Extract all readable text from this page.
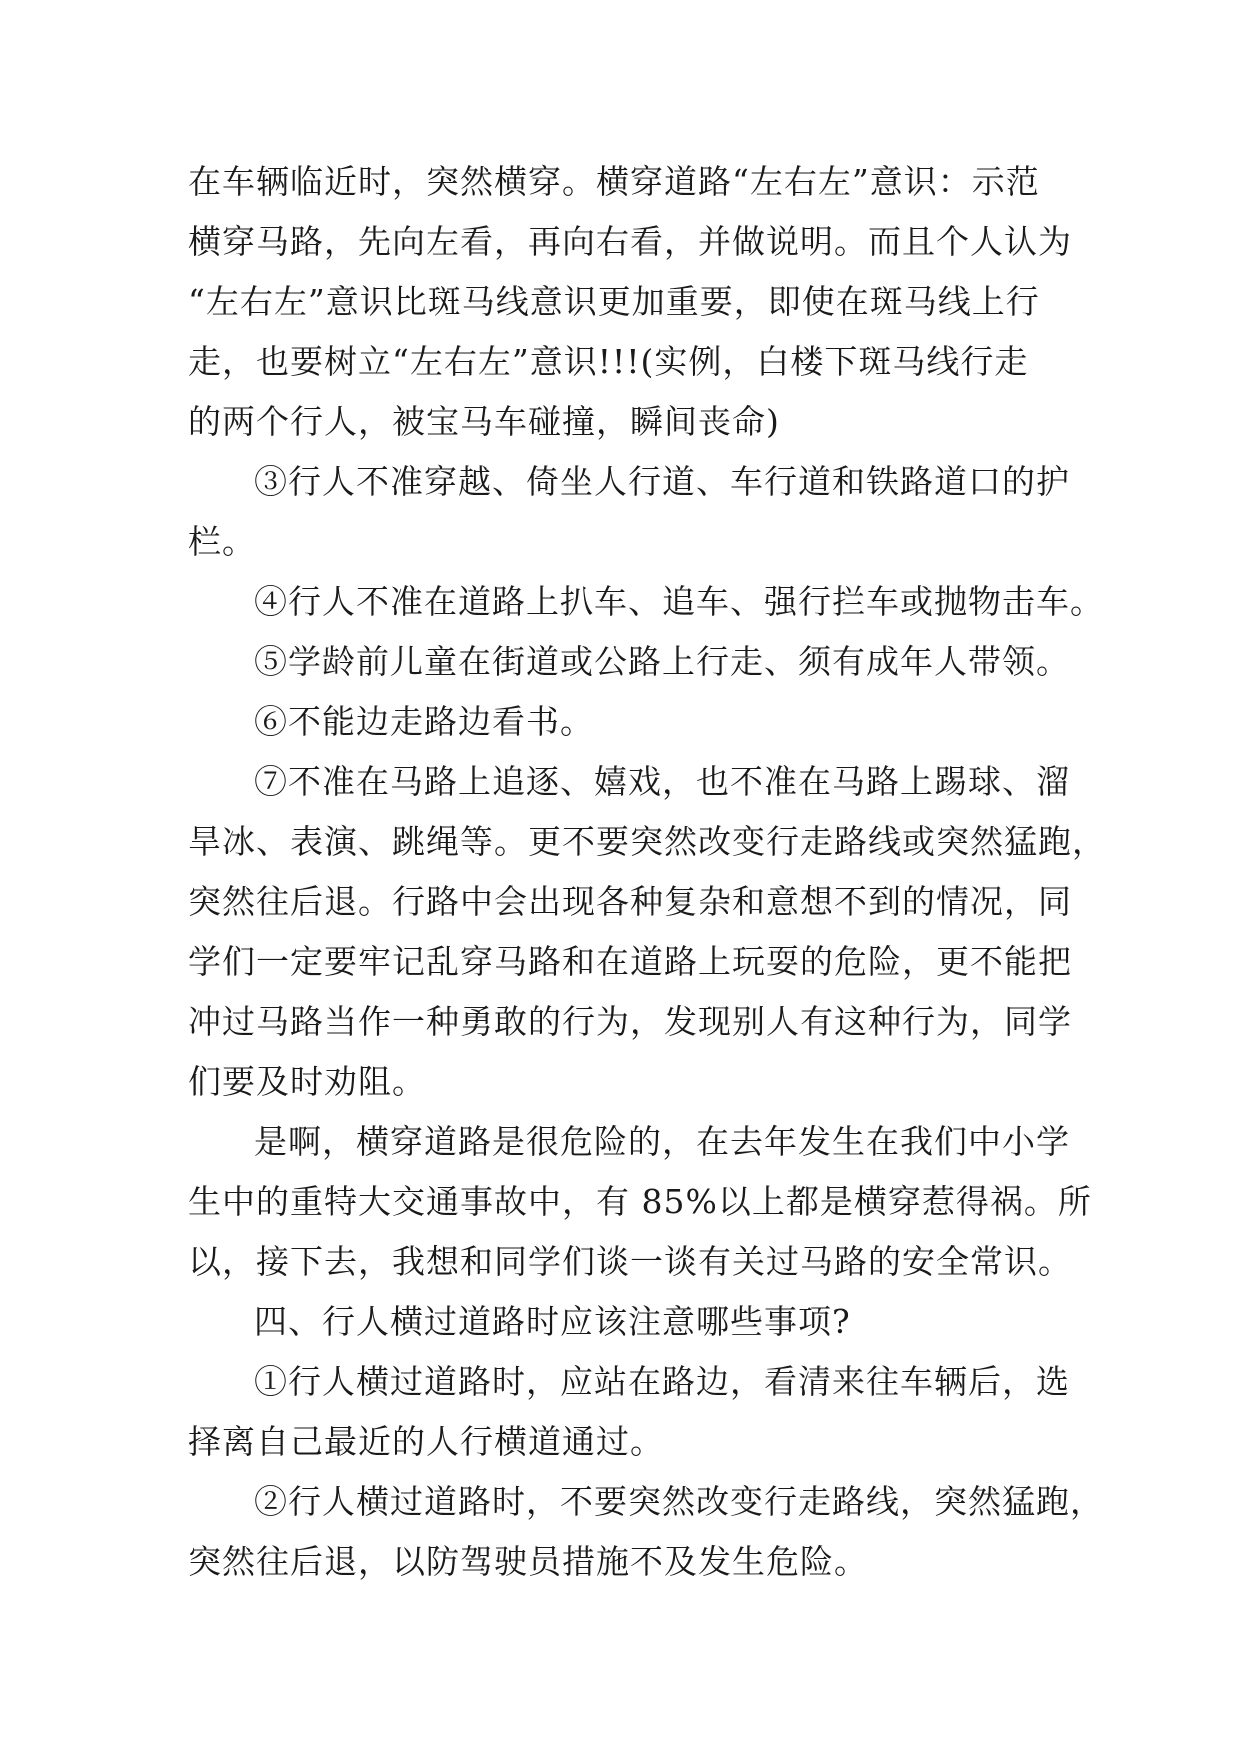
在车辆临近时，突然横穿。横穿道路“左右左”意识：示范
横穿马路，先向左看，再向右看，并做说明。而且个人认为
“左右左”意识比斑马线意识更加重要，即使在斑马线上行
走，也要树立“左右左”意识!!!(实例，白楼下斑马线行走
的两个行人，被宝马车碰撞，瞬间丧命)
③行人不准穿越、倚坐人行道、车行道和铁路道口的护
栏。
④行人不准在道路上扒车、追车、强行拦车或抛物击车。
⑤学龄前儿童在街道或公路上行走、须有成年人带领。
⑥不能边走路边看书。
⑦不准在马路上追逐、嬉戏，也不准在马路上踢球、溜
旱冰、表演、跳绳等。更不要突然改变行走路线或突然猛跑，
突然往后退。行路中会出现各种复杂和意想不到的情况，同
学们一定要牢记乱穿马路和在道路上玩耍的危险，更不能把
冲过马路当作一种勇敢的行为，发现别人有这种行为，同学
们要及时劝阻。
是啊，横穿道路是很危险的，在去年发生在我们中小学
生中的重特大交通事故中，有 85%以上都是横穿惹得祸。所
以，接下去，我想和同学们谈一谈有关过马路的安全常识。
四、行人横过道路时应该注意哪些事项?
①行人横过道路时，应站在路边，看清来往车辆后，选
择离自己最近的人行横道通过。
②行人横过道路时，不要突然改变行走路线，突然猛跑，
突然往后退，以防驾驶员措施不及发生危险。
